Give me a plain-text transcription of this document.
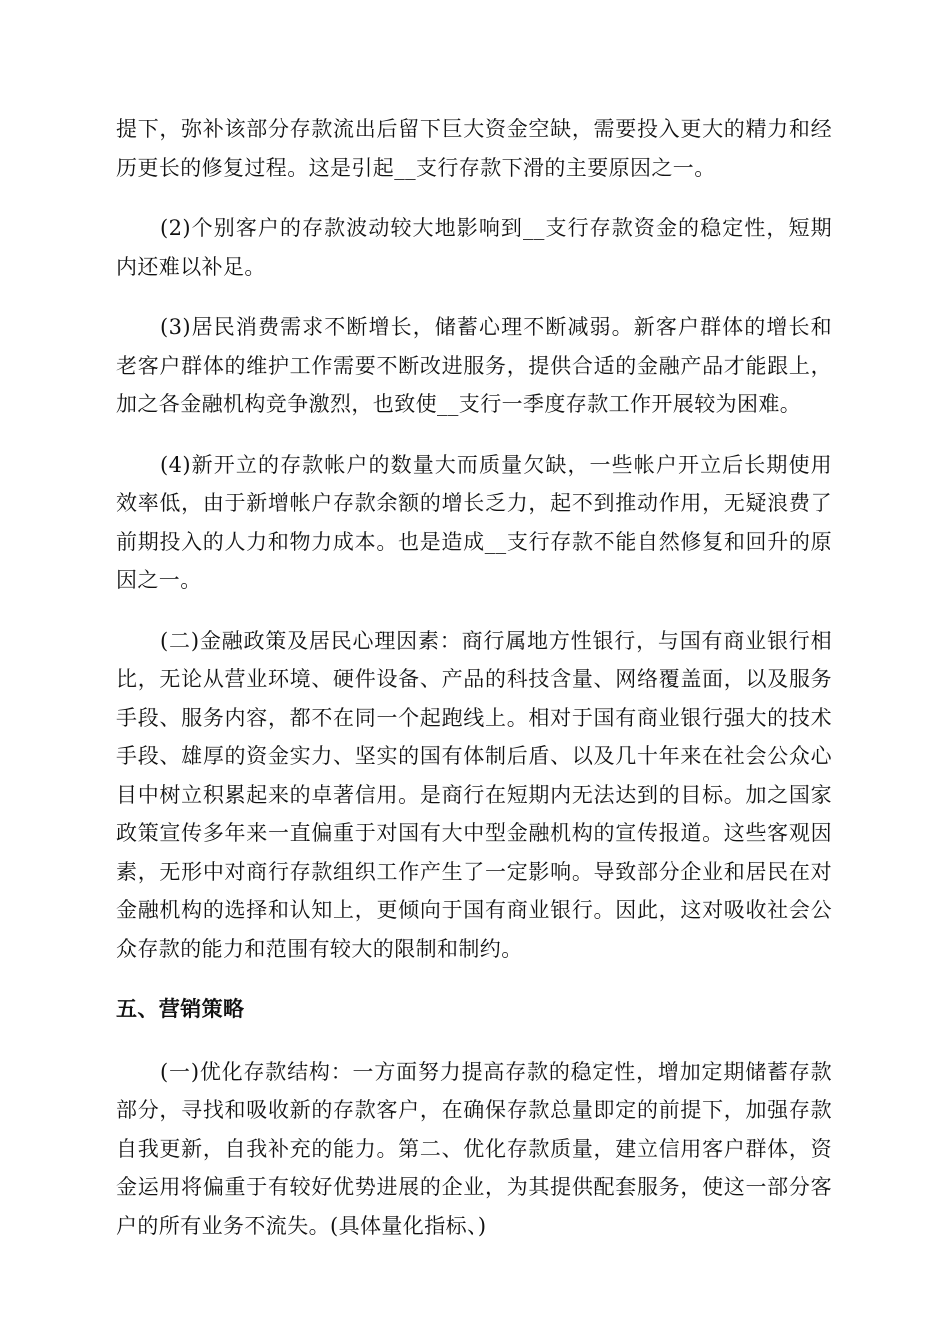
提下，弥补该部分存款流出后留下巨大资金空缺，需要投入更大的精力和经历更长的修复过程。这是引起__支行存款下滑的主要原因之一。

(2)个别客户的存款波动较大地影响到__支行存款资金的稳定性，短期内还难以补足。

(3)居民消费需求不断增长，储蓄心理不断减弱。新客户群体的增长和老客户群体的维护工作需要不断改进服务，提供合适的金融产品才能跟上，加之各金融机构竞争激烈，也致使__支行一季度存款工作开展较为困难。

(4)新开立的存款帐户的数量大而质量欠缺，一些帐户开立后长期使用效率低，由于新增帐户存款余额的增长乏力，起不到推动作用，无疑浪费了前期投入的人力和物力成本。也是造成__支行存款不能自然修复和回升的原因之一。

(二)金融政策及居民心理因素：商行属地方性银行，与国有商业银行相比，无论从营业环境、硬件设备、产品的科技含量、网络覆盖面，以及服务手段、服务内容，都不在同一个起跑线上。相对于国有商业银行强大的技术手段、雄厚的资金实力、坚实的国有体制后盾、以及几十年来在社会公众心目中树立积累起来的卓著信用。是商行在短期内无法达到的目标。加之国家政策宣传多年来一直偏重于对国有大中型金融机构的宣传报道。这些客观因素，无形中对商行存款组织工作产生了一定影响。导致部分企业和居民在对金融机构的选择和认知上，更倾向于国有商业银行。因此，这对吸收社会公众存款的能力和范围有较大的限制和制约。

五、营销策略

(一)优化存款结构：一方面努力提高存款的稳定性，增加定期储蓄存款部分，寻找和吸收新的存款客户，在确保存款总量即定的前提下，加强存款自我更新，自我补充的能力。第二、优化存款质量，建立信用客户群体，资金运用将偏重于有较好优势进展的企业，为其提供配套服务，使这一部分客户的所有业务不流失。(具体量化指标、)
